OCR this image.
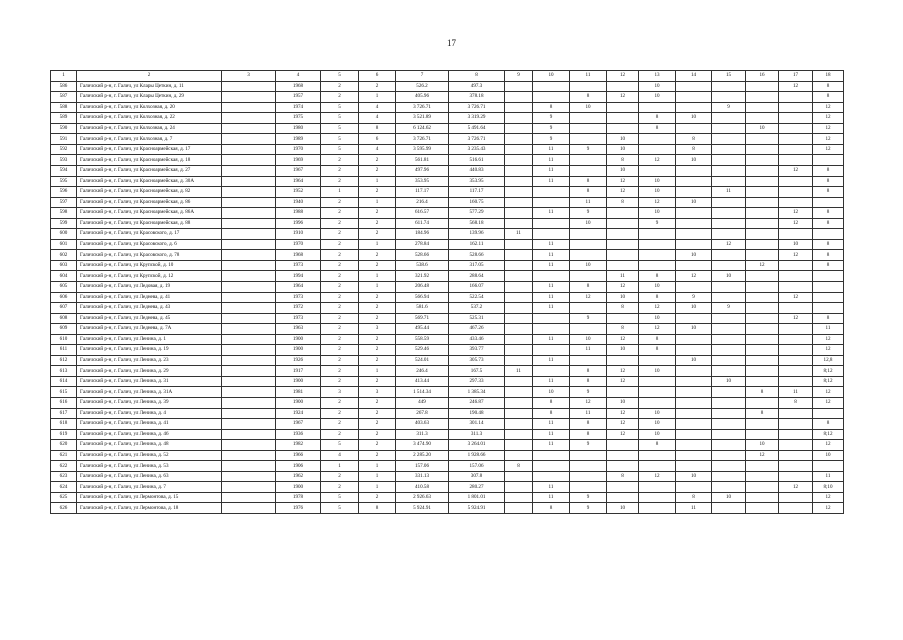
17
1	2	3	4	5	6	7	8	9	10	11	12	13	14	15	16	17	18
586	Галичский р-н, г. Галич, ул Клары Цеткин, д. 11		1968	2	2	526.2	497.3					10				12	8
587	Галичский р-н, г. Галич, ул Клары Цеткин, д. 29		1957	2	1	405.96	378.18			8	12	10					8
588	Галичский р-н, г. Галич, ул Колхозная, д. 20		1974	5	4	3 726.71	3 726.71		8	10				9			12
589	Галичский р-н, г. Галич, ул Колхозная, д. 22		1975	5	4	3 521.89	3 319.29		9			8	10				12
590	Галичский р-н, г. Галич, ул Колхозная, д. 24		1980	5	8	6 124.62	5 491.64		9			8			10		12
591	Галичский р-н, г. Галич, ул Колхозная, д. 7		1989	5	6	3 726.71	3 726.71		9		10		8				12
592	Галичский р-н, г. Галич, ул Красноармейская, д. 17		1970	5	4	3 595.99	3 235.43		11	9	10		8				12
593	Галичский р-н, г. Галич, ул Красноармейская, д. 18		1969	2	2	561.81	516.61		11		8	12	10				
594	Галичский р-н, г. Галич, ул Красноармейская, д. 27		1967	2	2	497.96	440.83		11		10					12	8
595	Галичский р-н, г. Галич, ул Красноармейская, д. 30А		1964	2	1	353.95	353.95		11	8	12	10					8
596	Галичский р-н, г. Галич, ул Красноармейская, д. 82		1952	1	2	117.17	117.17			8	12	10		11			8
597	Галичский р-н, г. Галич, ул Красноармейская, д. 86		1940	2	1	216.4	160.75			11	8	12	10				
598	Галичский р-н, г. Галич, ул Красноармейская, д. 86А		1988	2	2	616.57	577.29		11	9		10				12	8
599	Галичский р-н, г. Галич, ул Красноармейская, д. 88		1996	2	2	611.74	568.18			10		9				12	8
600	Галичский р-н, г. Галич, ул Красовского, д. 17		1910	2	2	184.96	139.96	11									
601	Галичский р-н, г. Галич, ул Красовского, д. 6		1970	2	1	278.84	162.11		11					12		10	8
602	Галичский р-н, г. Галич, ул Красовского, д. 78		1968	2	2	528.66	528.66		11				10			12	8
603	Галичский р-н, г. Галич, ул Крупской, д. 10		1973	2	2	538.6	317.05		11	10					12		8
604	Галичский р-н, г. Галич, ул Крупской, д. 12		1994	2	1	321.92	288.64				11	8	12	10			
605	Галичский р-н, г. Галич, ул Ледовая, д. 19		1964	2	1	206.48	166.07		11	8	12	10					
606	Галичский р-н, г. Галич, ул Леднева, д. 41		1973	2	2	566.94	522.54		11	12	10	8	9			12	
607	Галичский р-н, г. Галич, ул Леднева, д. 43		1972	2	2	581.6	537.2		11		8	12	10	9			
608	Галичский р-н, г. Галич, ул Леднева, д. 45		1973	2	2	569.71	525.31			9		10				12	8
609	Галичский р-н, г. Галич, ул Леднева, д. 7А		1963	2	3	495.44	467.26				8	12	10				11
610	Галичский р-н, г. Галич, ул Ленина, д. 1		1900	2	2	558.59	433.46		11	10	12	8					12
611	Галичский р-н, г. Галич, ул Ленина, д. 19		1900	2	2	529.46	393.77			11	10	8					12
612	Галичский р-н, г. Галич, ул Ленина, д. 23		1926	2	2	524.01	305.73		11				10				12,8
613	Галичский р-н, г. Галич, ул Ленина, д. 29		1917	2	1	246.4	167.5	11		8	12	10					8;12
614	Галичский р-н, г. Галич, ул Ленина, д. 31		1900	2	2	413.44	297.33		11	8	12			10			8;12
615	Галичский р-н, г. Галич, ул Ленина, д. 31А		1981	3	3	1 514.34	1 385.34		10	9					8	11	12
616	Галичский р-н, г. Галич, ул Ленина, д. 39		1900	2	2	449	246.87		8	12	10					8	12
617	Галичский р-н, г. Галич, ул Ленина, д. 4		1924	2	2	267.8	190.48		8	11	12	10			8		
618	Галичский р-н, г. Галич, ул Ленина, д. 41		1967	2	2	403.63	301.14		11	8	12	10					8
619	Галичский р-н, г. Галич, ул Ленина, д. 46		1936	2	2	311.3	311.3		11	8	12	10					8;12
620	Галичский р-н, г. Галич, ул Ленина, д. 48		1982	5	2	3 474.90	3 264.01		11	9		8			10		12
621	Галичский р-н, г. Галич, ул Ленина, д. 52		1966	4	2	2 285.20	1 928.66								12		10
622	Галичский р-н, г. Галич, ул Ленина, д. 53		1906	1	1	157.06	157.06	8									
623	Галичский р-н, г. Галич, ул Ленина, д. 63		1962	2	1	331.13	307.8				8	12	10				11
624	Галичский р-н, г. Галич, ул Ленина, д. 7		1900	2	1	410.58	280.27		11							12	8;10
625	Галичский р-н, г. Галич, ул Лермонтова, д. 15		1978	5	2	2 926.63	1 801.01		11	9			8	10			12
626	Галичский р-н, г. Галич, ул Лермонтова, д. 18		1976	5	8	5 924.91	5 924.91		8	9	10		11				12
